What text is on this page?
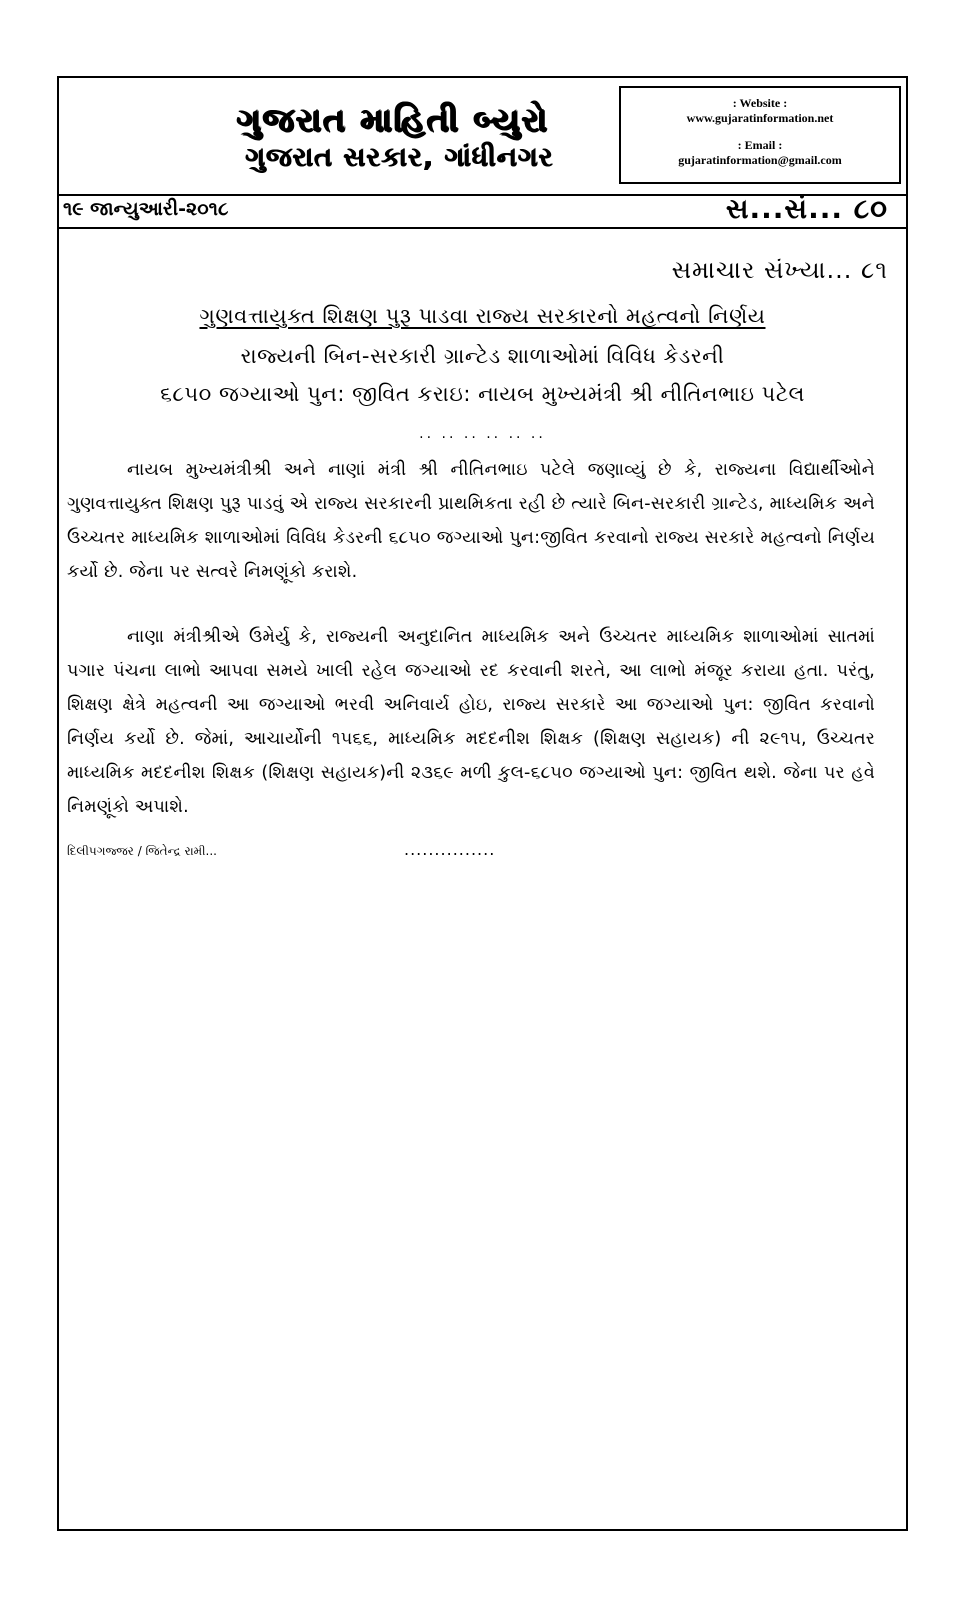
ગુજરાત માહિતી બ્યુરો
ગુજરાત સરકાર, ગાંધીનગર
: Website :
www.gujaratinformation.net
: Email :
gujaratinformation@gmail.com
૧૯ જાન્યુઆરી-૨૦૧૮	સ...સં... ૮૦
સમાચાર સંખ્યા... ૮૧
ગુણવત્તાયુક્ત શિક્ષણ પુરૂ પાડવા રાજ્ય સરકારનો મહત્વનો નિર્ણય
રાજ્યની બિન-સરકારી ગ્રાન્ટેડ શાળાઓમાં વિવિધ કેડરની
૬૮૫૦ જગ્યાઓ પુન: જીવિત કરાઇ: નાયબ મુખ્યમંત્રી શ્રી નીતિનભાઇ પટેલ
.. .. .. .. .. ..

નાયબ મુખ્યમંત્રીશ્રી અને નાણાં મંત્રી શ્રી નીતિનભાઇ પટેલે જણાવ્યું છે કે, રાજ્યના વિદ્યાર્થીઓને ગુણવત્તાયુક્ત શિક્ષણ પુરૂ પાડવું એ રાજ્ય સરકારની પ્રાથમિકતા રહી છે ત્યારે બિન-સરકારી ગ્રાન્ટેડ, માધ્યમિક અને ઉચ્ચતર માધ્યમિક શાળાઓમાં વિવિધ કેડરની ૬૮૫૦ જગ્યાઓ પુન:જીવિત કરવાનો રાજ્ય સરકારે મહત્વનો નિર્ણય કર્યો છે. જેના પર સત્વરે નિમણૂંકો કરાશે.

નાણા મંત્રીશ્રીએ ઉમેર્યુ કે, રાજ્યની અનુદાનિત માધ્યમિક અને ઉચ્ચતર માધ્યમિક શાળાઓમાં સાતમાં પગાર પંચના લાભો આપવા સમયે ખાલી રહેલ જગ્યાઓ રદ કરવાની શરતે, આ લાભો મંજૂર કરાયા હતા. પરંતુ, શિક્ષણ ક્ષેત્રે મહત્વની આ જગ્યાઓ ભરવી અનિવાર્ય હોઇ, રાજ્ય સરકારે આ જગ્યાઓ પુન: જીવિત કરવાનો નિર્ણય કર્યો છે. જેમાં, આચાર્યોની ૧૫૬૬, માધ્યમિક મદદનીશ શિક્ષક (શિક્ષણ સહાયક) ની ૨૯૧૫, ઉચ્ચતર માધ્યમિક મદદનીશ શિક્ષક (શિક્ષણ સહાયક)ની ૨૩૬૯ મળી કુલ-૬૮૫૦ જગ્યાઓ પુન: જીવિત થશે. જેના પર હવે નિમણૂંકો અપાશે.

દિલીપગજ્જર / જિતેન્દ્ર રામી...	...............
